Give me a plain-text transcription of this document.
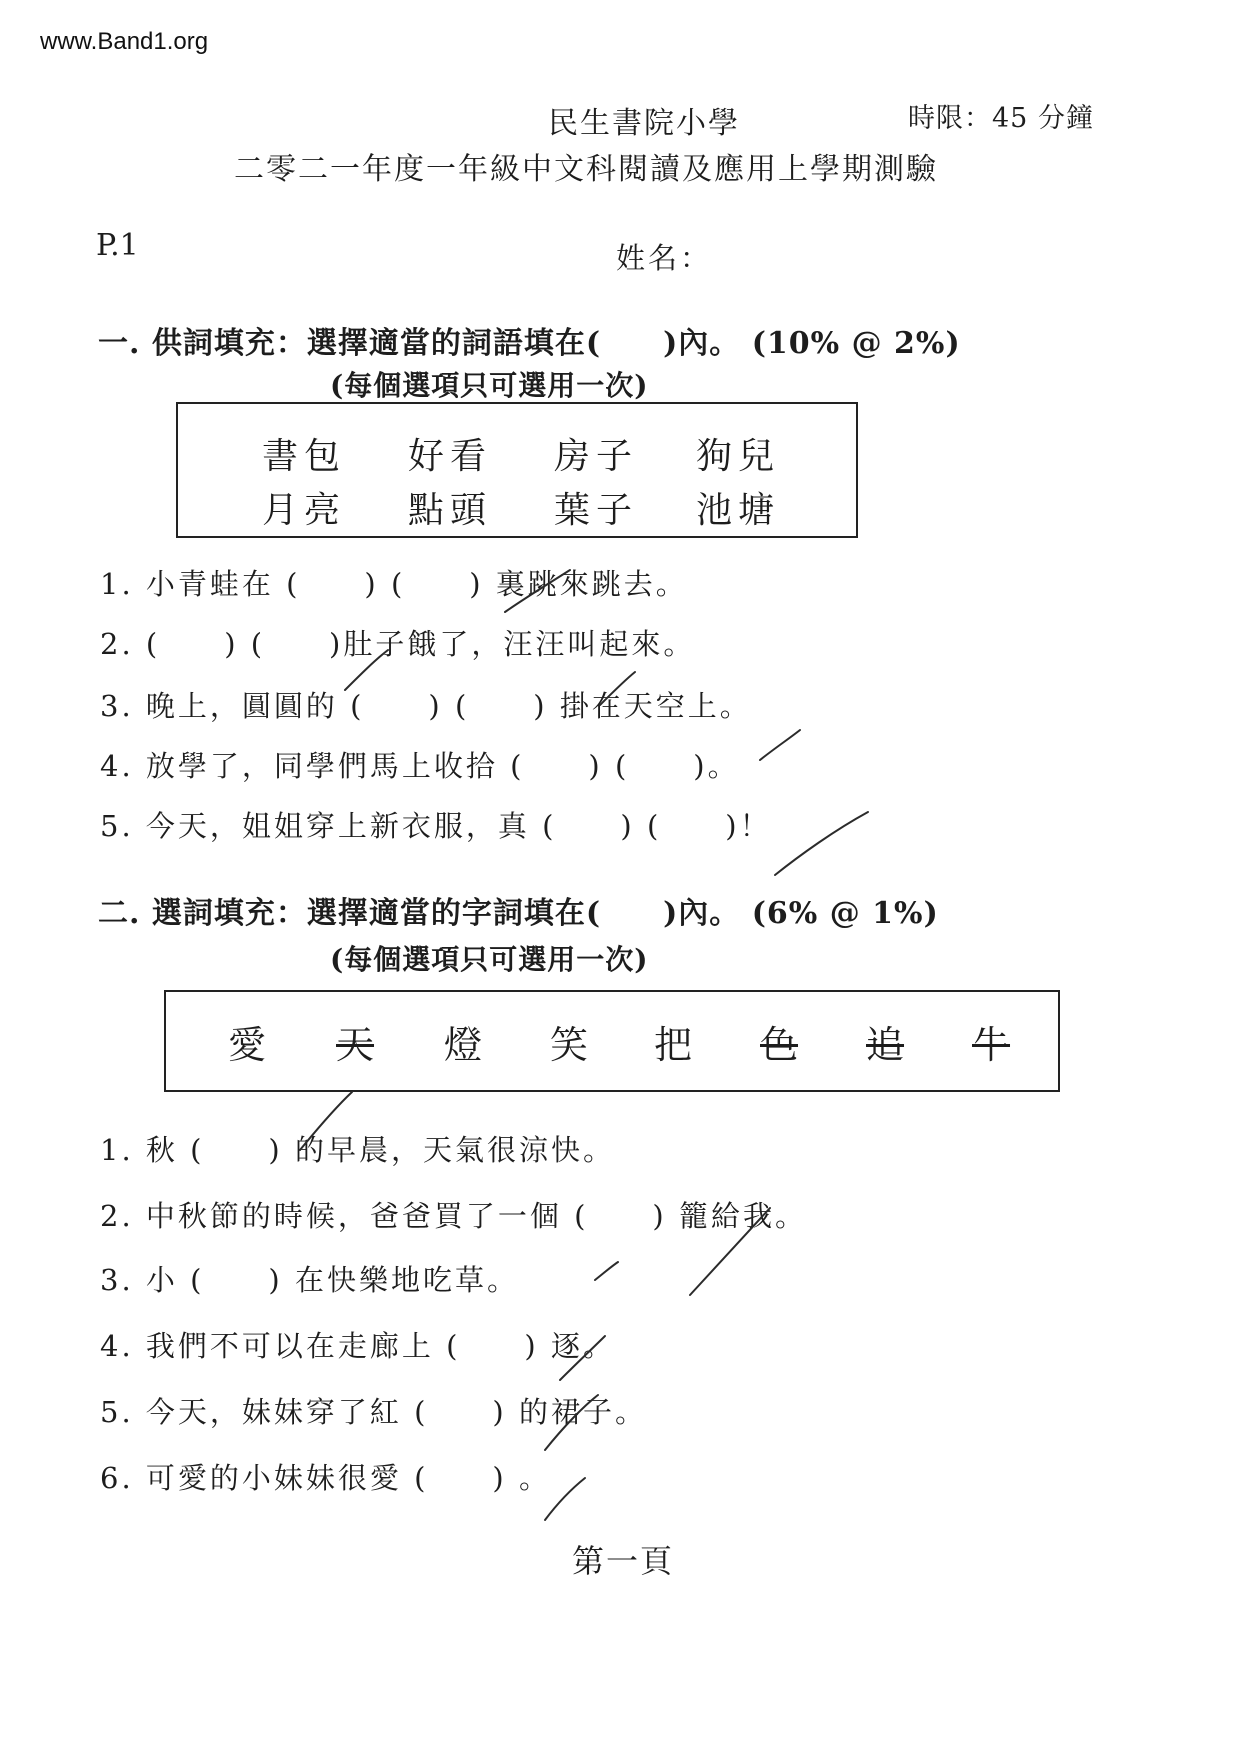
www.Band1.org
民生書院小學	時限：45 分鐘
二零二一年度一年級中文科閱讀及應用上學期測驗
P.1	姓名：
一. 供詞填充：選擇適當的詞語填在(　　)內。 (10% @ 2%)
(每個選項只可選用一次)
書包 好看 房子 狗兒
月亮 點頭 葉子 池塘
1. 小青蛙在 (　　) (　　) 裏跳來跳去。
2. (　　) (　　)肚子餓了，汪汪叫起來。
3. 晚上，圓圓的 (　　) (　　) 掛在天空上。
4. 放學了，同學們馬上收拾 (　　) (　　)。
5. 今天，姐姐穿上新衣服，真 (　　) (　　)！
二. 選詞填充：選擇適當的字詞填在(　　)內。 (6% @ 1%)
(每個選項只可選用一次)
愛 天 燈 笑 把 色 追 牛
1. 秋 (　　) 的早晨，天氣很涼快。
2. 中秋節的時候，爸爸買了一個 (　　) 籠給我。
3. 小 (　　) 在快樂地吃草。
4. 我們不可以在走廊上 (　　) 逐。
5. 今天，妹妹穿了紅 (　　) 的裙子。
6. 可愛的小妹妹很愛 (　　) 。
第一頁
